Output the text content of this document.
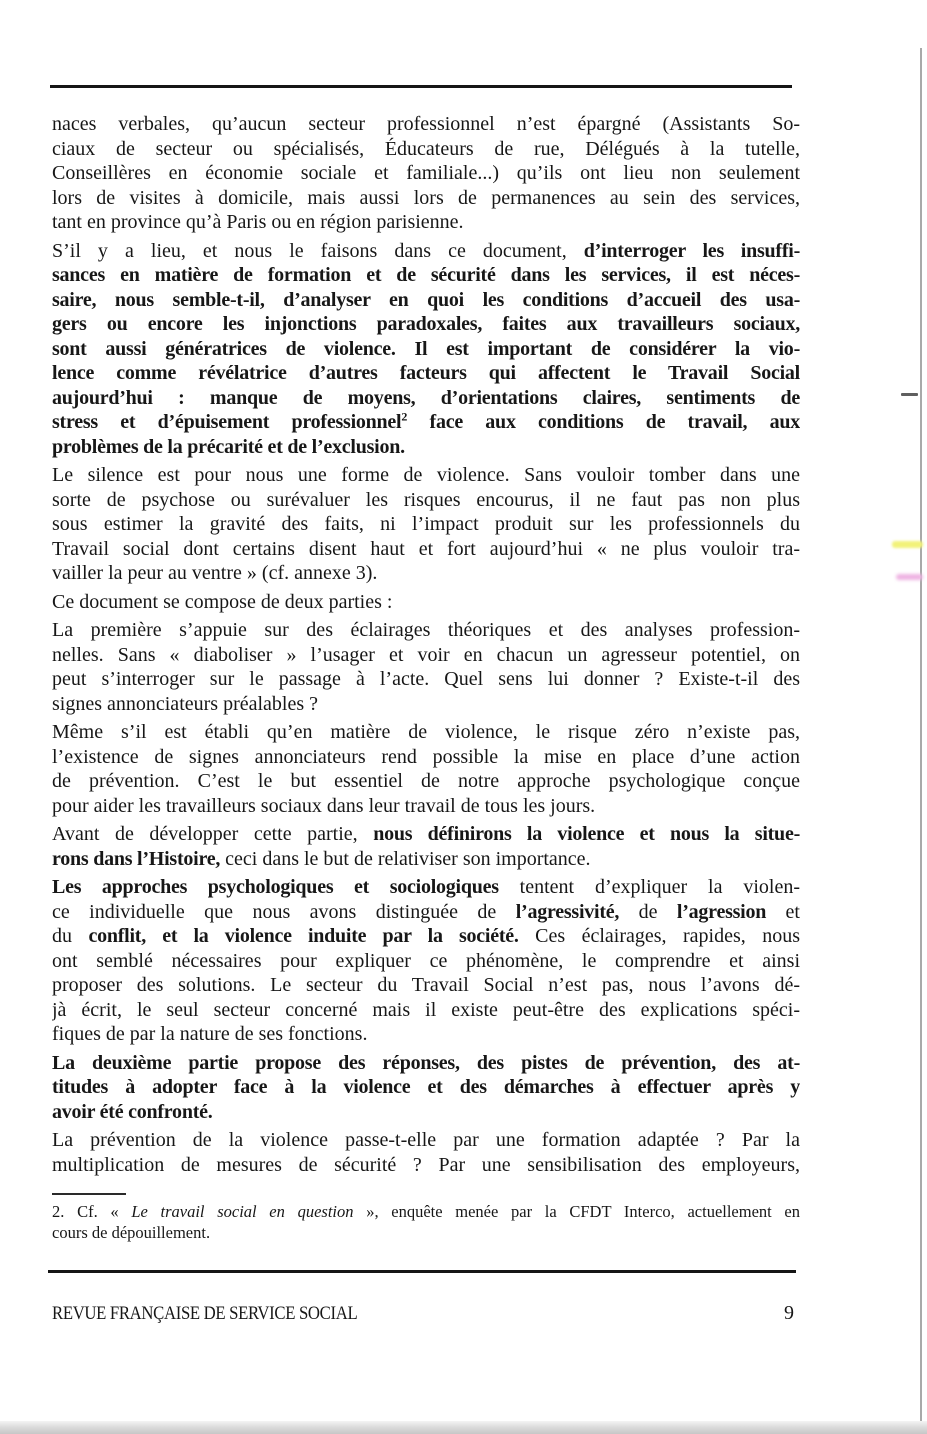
naces verbales, qu’aucun secteur professionnel n’est épargné (Assistants So-
ciaux de secteur ou spécialisés, Éducateurs de rue, Délégués à la tutelle,
Conseillères en économie sociale et familiale...) qu’ils ont lieu non seulement
lors de visites à domicile, mais aussi lors de permanences au sein des services,
tant en province qu’à Paris ou en région parisienne.
S’il y a lieu, et nous le faisons dans ce document, d’interroger les insuffi-
sances en matière de formation et de sécurité dans les services, il est néces-
saire, nous semble-t-il, d’analyser en quoi les conditions d’accueil des usa-
gers ou encore les injonctions paradoxales, faites aux travailleurs sociaux,
sont aussi génératrices de violence. Il est important de considérer la vio-
lence comme révélatrice d’autres facteurs qui affectent le Travail Social
aujourd’hui : manque de moyens, d’orientations claires, sentiments de
stress et d’épuisement professionnel$^2$ face aux conditions de travail, aux
problèmes de la précarité et de l’exclusion.
Le silence est pour nous une forme de violence. Sans vouloir tomber dans une
sorte de psychose ou surévaluer les risques encourus, il ne faut pas non plus
sous estimer la gravité des faits, ni l’impact produit sur les professionnels du
Travail social dont certains disent haut et fort aujourd’hui « ne plus vouloir tra-
vailler la peur au ventre » (cf. annexe 3).
Ce document se compose de deux parties :
La première s’appuie sur des éclairages théoriques et des analyses profession-
nelles. Sans « diaboliser » l’usager et voir en chacun un agresseur potentiel, on
peut s’interroger sur le passage à l’acte. Quel sens lui donner ? Existe-t-il des
signes annonciateurs préalables ?
Même s’il est établi qu’en matière de violence, le risque zéro n’existe pas,
l’existence de signes annonciateurs rend possible la mise en place d’une action
de prévention. C’est le but essentiel de notre approche psychologique conçue
pour aider les travailleurs sociaux dans leur travail de tous les jours.
Avant de développer cette partie, nous définirons la violence et nous la situe-
rons dans l’Histoire, ceci dans le but de relativiser son importance.
Les approches psychologiques et sociologiques tentent d’expliquer la violen-
ce individuelle que nous avons distinguée de l’agressivité, de l’agression et
du conflit, et la violence induite par la société. Ces éclairages, rapides, nous
ont semblé nécessaires pour expliquer ce phénomène, le comprendre et ainsi
proposer des solutions. Le secteur du Travail Social n’est pas, nous l’avons dé-
jà écrit, le seul secteur concerné mais il existe peut-être des explications spéci-
fiques de par la nature de ses fonctions.
La deuxième partie propose des réponses, des pistes de prévention, des at-
titudes à adopter face à la violence et des démarches à effectuer après y
avoir été confronté.
La prévention de la violence passe-t-elle par une formation adaptée ? Par la
multiplication de mesures de sécurité ? Par une sensibilisation des employeurs,
2. Cf. « Le travail social en question », enquête menée par la CFDT Interco, actuellement en
cours de dépouillement.
REVUE FRANÇAISE DE SERVICE SOCIAL	9
